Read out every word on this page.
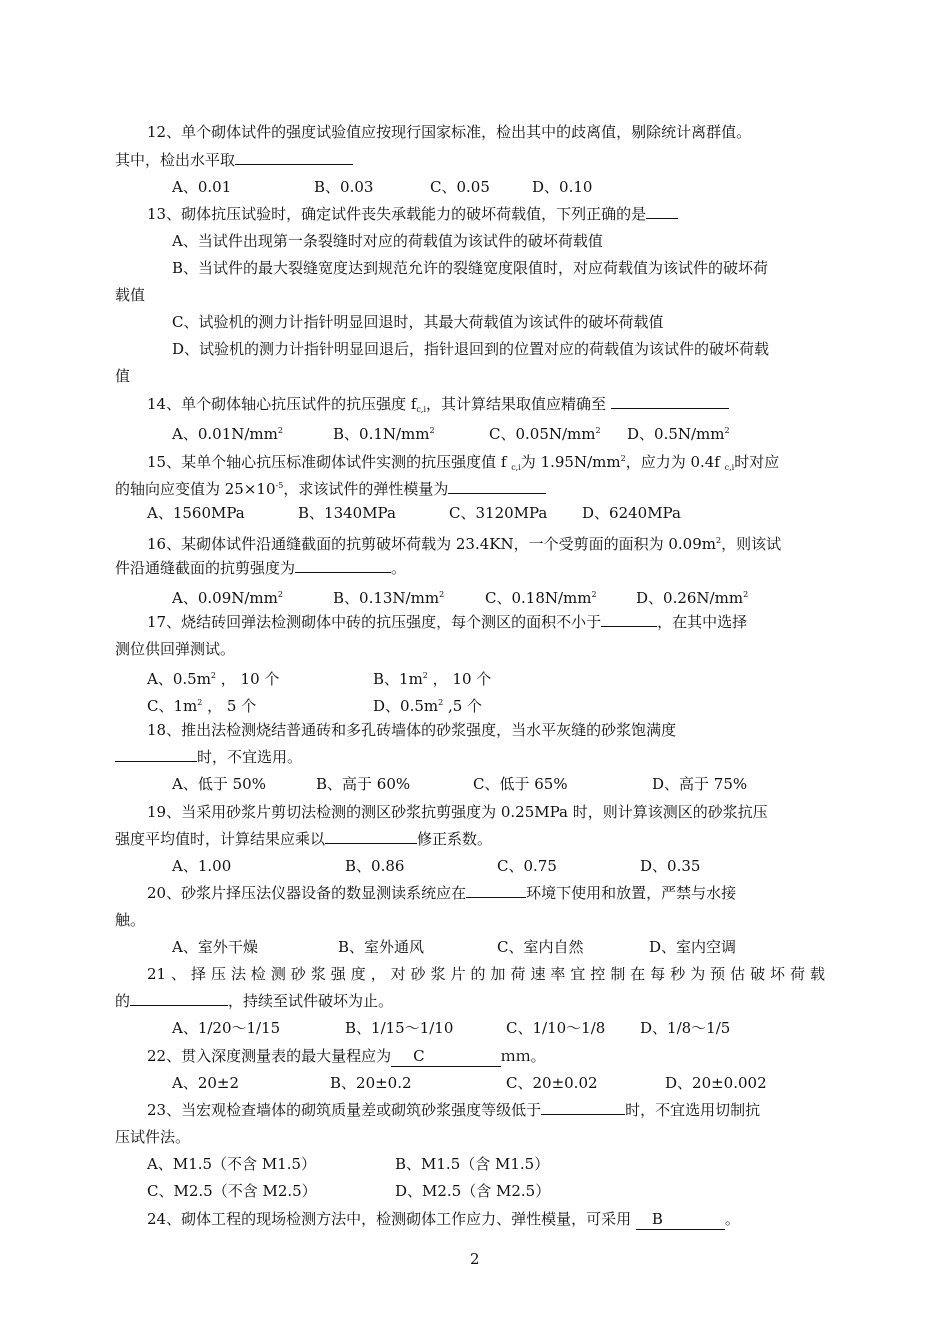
12、单个砌体试件的强度试验值应按现行国家标准，检出其中的歧离值，剔除统计离群值。
其中，检出水平取
A、0.01	B、0.03	C、0.05	D、0.10
13、砌体抗压试验时，确定试件丧失承载能力的破坏荷载值，下列正确的是
A、当试件出现第一条裂缝时对应的荷载值为该试件的破坏荷载值
B、当试件的最大裂缝宽度达到规范允许的裂缝宽度限值时，对应荷载值为该试件的破坏荷
载值
C、试验机的测力计指针明显回退时，其最大荷载值为该试件的破坏荷载值
D、试验机的测力计指针明显回退后，指针退回到的位置对应的荷载值为该试件的破坏荷载
值
14、单个砌体轴心抗压试件的抗压强度 $f_{c,i}$，其计算结果取值应精确至
A、$0.01N/mm^2$	B、$0.1N/mm^2$	C、$0.05N/mm^2$ D、$0.5N/mm^2$
15、某单个轴心抗压标准砌体试件实测的抗压强度值 f $_{c,i}$为 $1.95N/mm^2$，应力为 0.4f $_{c,i}$时对应
的轴向应变值为 $25\times 10^{-5}$，求该试件的弹性模量为
A、1560MPa	B、1340MPa	C、3120MPa D、6240MPa
16、某砌体试件沿通缝截面的抗剪破坏荷载为 23.4KN，一个受剪面的面积为 $0.09m^2$，则该试
件沿通缝截面的抗剪强度为	。
A、$0.09N/mm^2$	B、$0.13N/mm^2$	C、$0.18N/mm^2$	D、$0.26N/mm^2$
17、烧结砖回弹法检测砌体中砖的抗压强度，每个测区的面积不小于	，在其中选择
测位供回弹测试。
A、$0.5m^2$ ， 10 个	B、$1m^2$ ， 10 个
C、$1m^2$ ， 5 个	D、$0.5m^2$ ,5 个
18、推出法检测烧结普通砖和多孔砖墙体的砂浆强度，当水平灰缝的砂浆饱满度
时，不宜选用。
A、低于 50%	B、高于 60%	C、低于 65%	D、高于 75%
19、当采用砂浆片剪切法检测的测区砂浆抗剪强度为 0.25MPa 时，则计算该测区的砂浆抗压
强度平均值时，计算结果应乘以	修正系数。
A、1.00	B、0.86	C、0.75	D、0.35
20、砂浆片择压法仪器设备的数显测读系统应在	环境下使用和放置，严禁与水接
触。
A、室外干燥	B、室外通风	C、室内自然	D、室内空调
21、择压法检测砂浆强度，对砂浆片的加荷速率宜控制在每秒为预估破坏荷载
的	，持续至试件破坏为止。
A、1/20～1/15	B、1/15～1/10	C、1/10～1/8 D、1/8～1/5
22、贯入深度测量表的最大量程应为 C	ｍｍ。
A、20±2	B、20±0.2	C、20±0.02	D、20±0.002
23、当宏观检查墙体的砌筑质量差或砌筑砂浆强度等级低于	时，不宜选用切制抗
压试件法。
A、M1.5（不含 M1.5）	B、M1.5（含 M1.5）
C、M2.5（不含 M2.5）	D、M2.5（含 M2.5）
24、砌体工程的现场检测方法中，检测砌体工作应力、弹性模量，可采用 B	。
2
